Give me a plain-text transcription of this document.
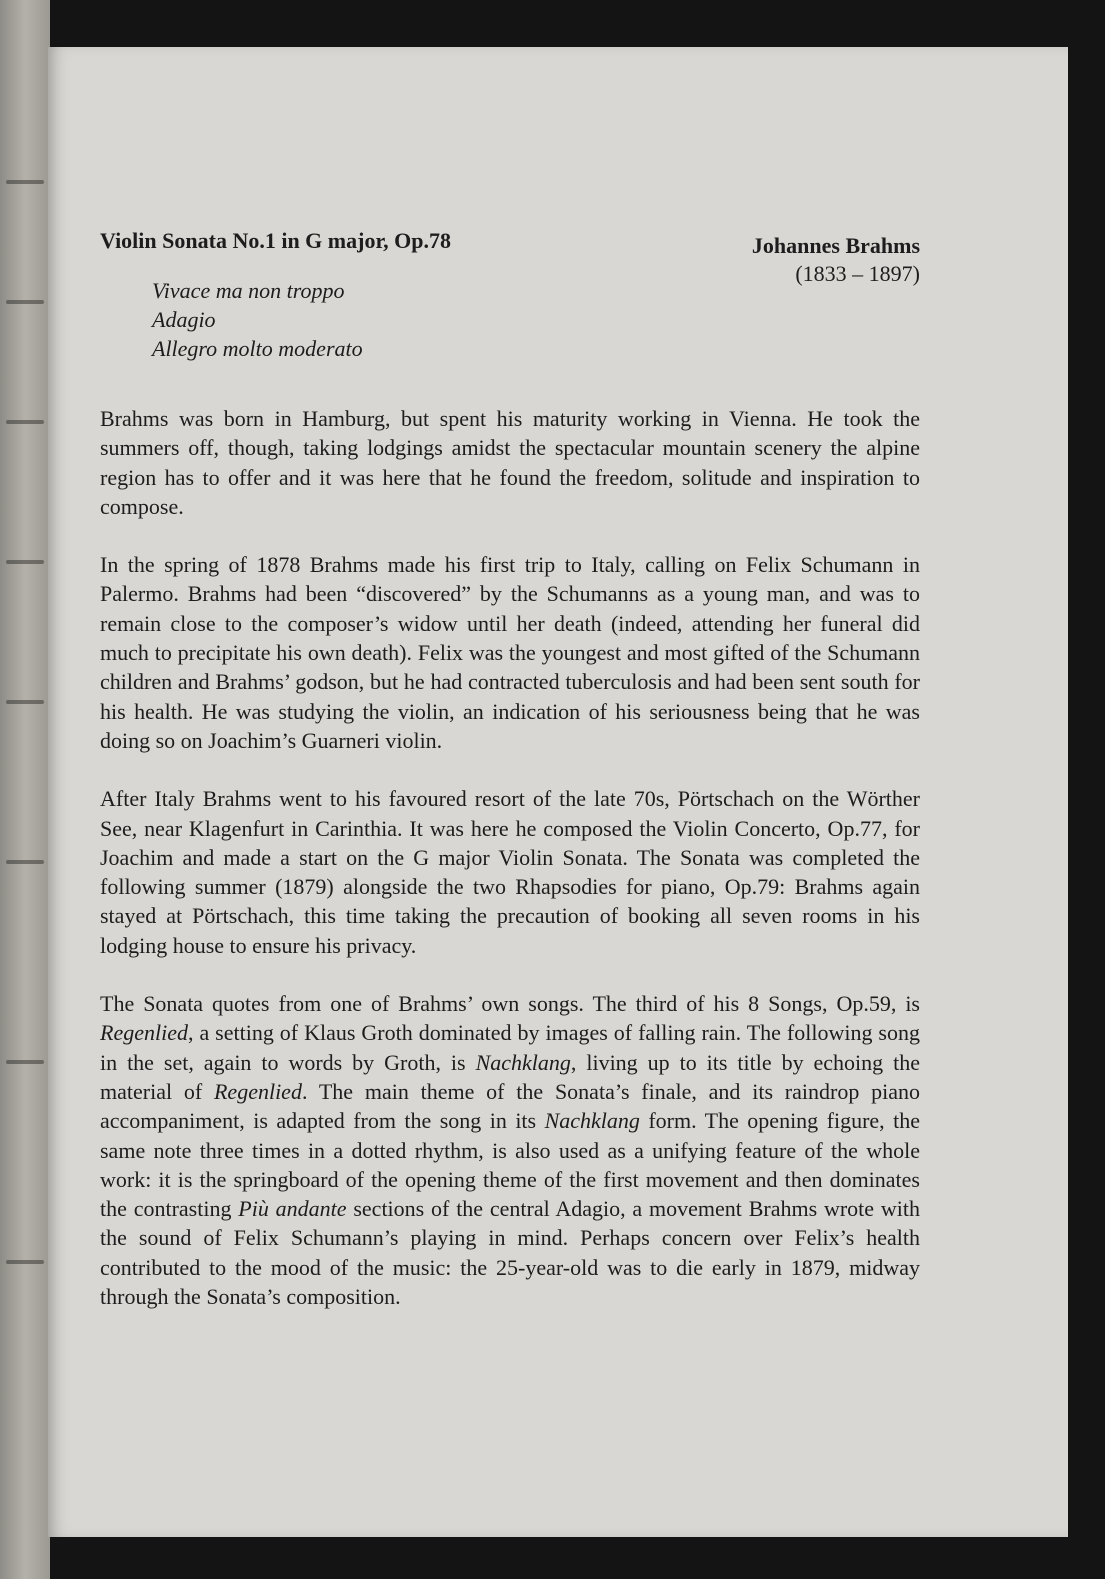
Violin Sonata No.1 in G major, Op.78	Johannes Brahms
(1833 – 1897)
Vivace ma non troppo
Adagio
Allegro molto moderato

Brahms was born in Hamburg, but spent his maturity working in Vienna. He took the summers off, though, taking lodgings amidst the spectacular mountain scenery the alpine region has to offer and it was here that he found the freedom, solitude and inspiration to compose.

In the spring of 1878 Brahms made his first trip to Italy, calling on Felix Schumann in Palermo. Brahms had been “discovered” by the Schumanns as a young man, and was to remain close to the composer’s widow until her death (indeed, attending her funeral did much to precipitate his own death). Felix was the youngest and most gifted of the Schumann children and Brahms’ godson, but he had contracted tuberculosis and had been sent south for his health. He was studying the violin, an indication of his seriousness being that he was doing so on Joachim’s Guarneri violin.

After Italy Brahms went to his favoured resort of the late 70s, Pörtschach on the Wörther See, near Klagenfurt in Carinthia. It was here he composed the Violin Concerto, Op.77, for Joachim and made a start on the G major Violin Sonata. The Sonata was completed the following summer (1879) alongside the two Rhapsodies for piano, Op.79: Brahms again stayed at Pörtschach, this time taking the precaution of booking all seven rooms in his lodging house to ensure his privacy.

The Sonata quotes from one of Brahms’ own songs. The third of his 8 Songs, Op.59, is Regenlied, a setting of Klaus Groth dominated by images of falling rain. The following song in the set, again to words by Groth, is Nachklang, living up to its title by echoing the material of Regenlied. The main theme of the Sonata’s finale, and its raindrop piano accompaniment, is adapted from the song in its Nachklang form. The opening figure, the same note three times in a dotted rhythm, is also used as a unifying feature of the whole work: it is the springboard of the opening theme of the first movement and then dominates the contrasting Più andante sections of the central Adagio, a movement Brahms wrote with the sound of Felix Schumann’s playing in mind. Perhaps concern over Felix’s health contributed to the mood of the music: the 25-year-old was to die early in 1879, midway through the Sonata’s composition.
